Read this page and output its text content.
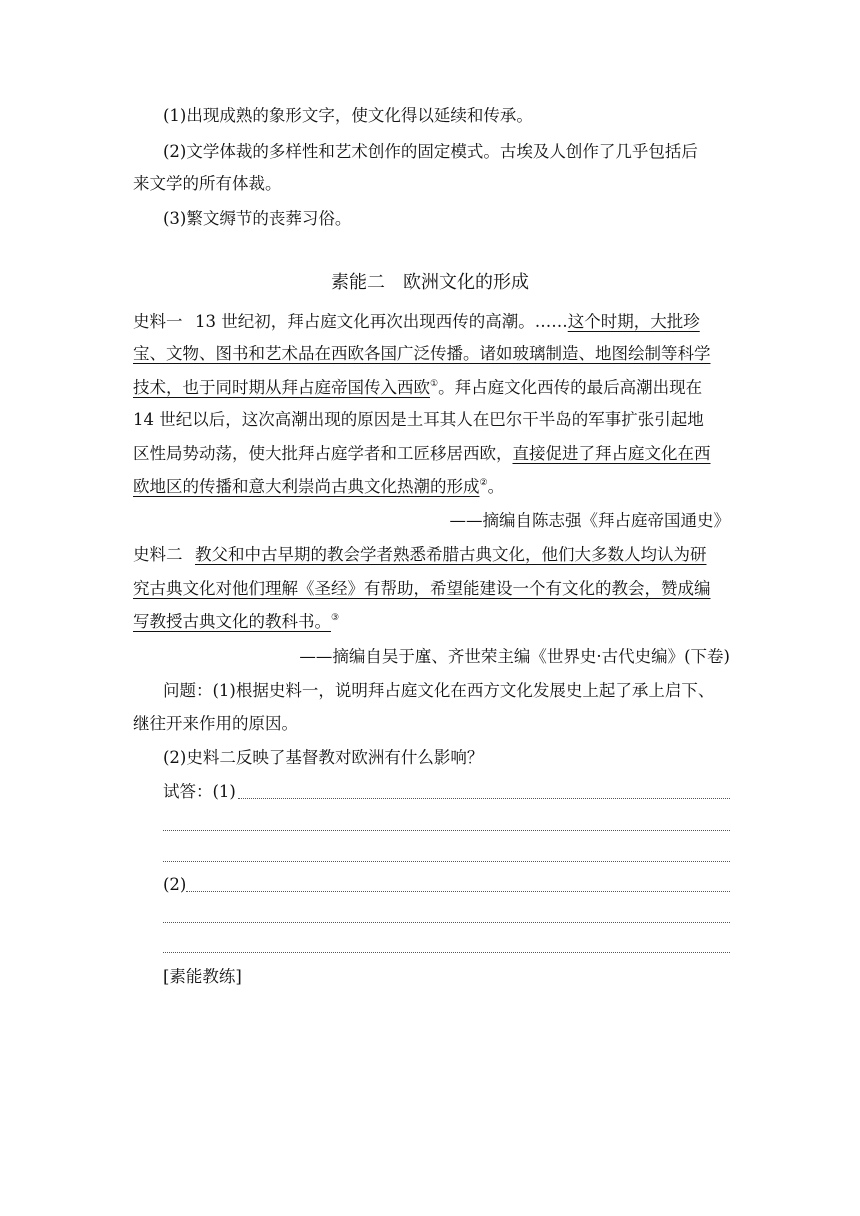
(1)出现成熟的象形文字，使文化得以延续和传承。
(2)文学体裁的多样性和艺术创作的固定模式。古埃及人创作了几乎包括后
来文学的所有体裁。
(3)繁文缛节的丧葬习俗。
素能二 欧洲文化的形成
史料一 13 世纪初，拜占庭文化再次出现西传的高潮。……这个时期，大批珍
宝、文物、图书和艺术品在西欧各国广泛传播。诸如玻璃制造、地图绘制等科学
技术，也于同时期从拜占庭帝国传入西欧①。拜占庭文化西传的最后高潮出现在
14 世纪以后，这次高潮出现的原因是土耳其人在巴尔干半岛的军事扩张引起地
区性局势动荡，使大批拜占庭学者和工匠移居西欧，直接促进了拜占庭文化在西
欧地区的传播和意大利崇尚古典文化热潮的形成②。
——摘编自陈志强《拜占庭帝国通史》
史料二 教父和中古早期的教会学者熟悉希腊古典文化，他们大多数人均认为研
究古典文化对他们理解《圣经》有帮助，希望能建设一个有文化的教会，赞成编
写教授古典文化的教科书。③
——摘编自吴于廑、齐世荣主编《世界史·古代史编》(下卷)
问题：(1)根据史料一，说明拜占庭文化在西方文化发展史上起了承上启下、
继往开来作用的原因。
(2)史料二反映了基督教对欧洲有什么影响？
试答：(1)
(2)
[素能教练]
